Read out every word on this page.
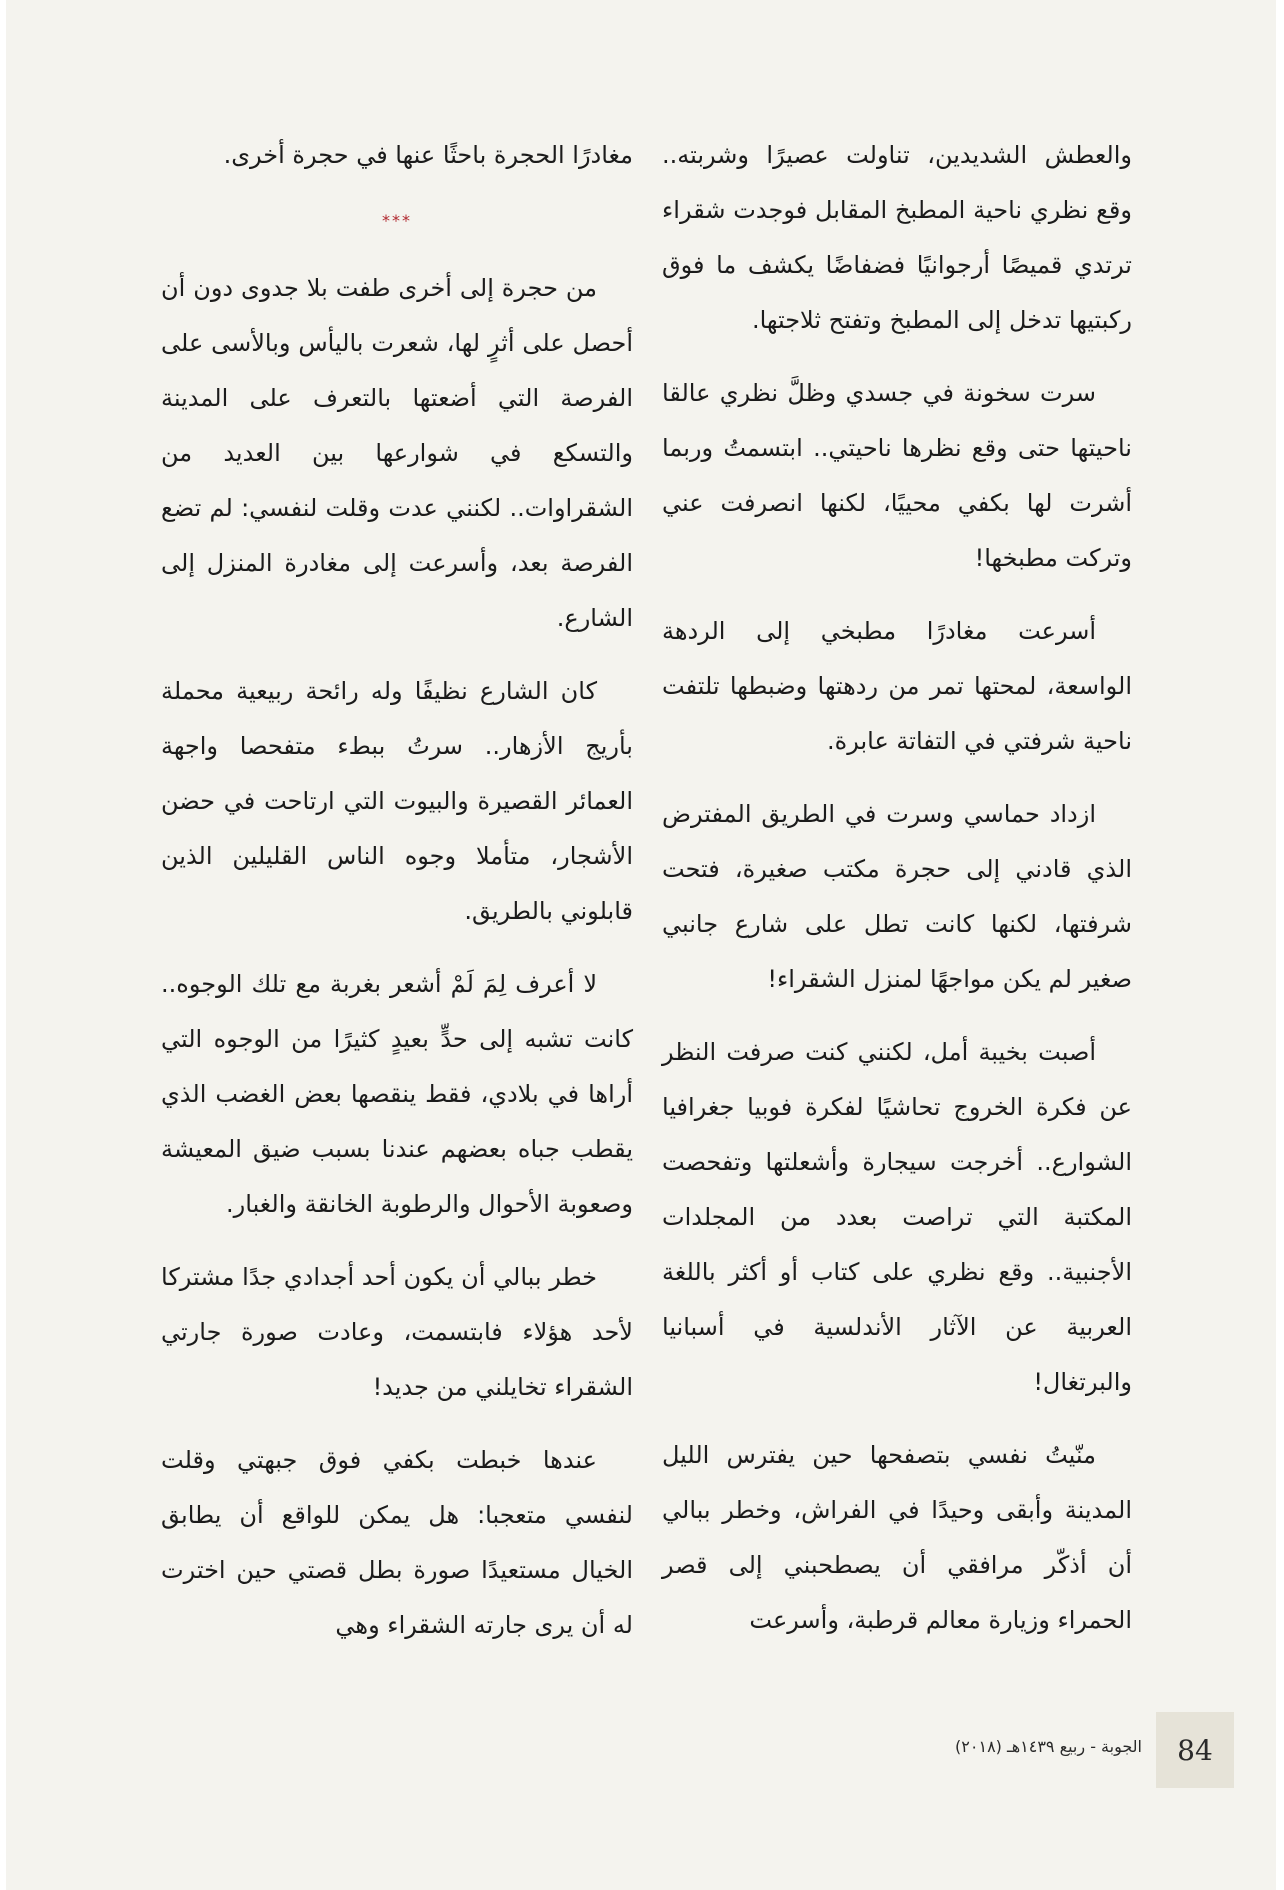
والعطش الشديدين، تناولت عصيرًا وشربته.. وقع نظري ناحية المطبخ المقابل فوجدت شقراء ترتدي قميصًا أرجوانيًا فضفاضًا يكشف ما فوق ركبتيها تدخل إلى المطبخ وتفتح ثلاجتها.

سرت سخونة في جسدي وظلَّ نظري عالقا ناحيتها حتى وقع نظرها ناحيتي.. ابتسمتُ وربما أشرت لها بكفي محييًا، لكنها انصرفت عني وتركت مطبخها!

أسرعت مغادرًا مطبخي إلى الردهة الواسعة، لمحتها تمر من ردهتها وضبطها تلتفت ناحية شرفتي في التفاتة عابرة.

ازداد حماسي وسرت في الطريق المفترض الذي قادني إلى حجرة مكتب صغيرة، فتحت شرفتها، لكنها كانت تطل على شارع جانبي صغير لم يكن مواجهًا لمنزل الشقراء!

أصبت بخيبة أمل، لكنني كنت صرفت النظر عن فكرة الخروج تحاشيًا لفكرة فوبيا جغرافيا الشوارع.. أخرجت سيجارة وأشعلتها وتفحصت المكتبة التي تراصت بعدد من المجلدات الأجنبية.. وقع نظري على كتاب أو أكثر باللغة العربية عن الآثار الأندلسية في أسبانيا والبرتغال!

منّيتُ نفسي بتصفحها حين يفترس الليل المدينة وأبقى وحيدًا في الفراش، وخطر ببالي أن أذكّر مرافقي أن يصطحبني إلى قصر الحمراء وزيارة معالم قرطبة، وأسرعت

مغادرًا الحجرة باحثًا عنها في حجرة أخرى.

***

من حجرة إلى أخرى طفت بلا جدوى دون أن أحصل على أثرٍ لها، شعرت باليأس وبالأسى على الفرصة التي أضعتها بالتعرف على المدينة والتسكع في شوارعها بين العديد من الشقراوات.. لكنني عدت وقلت لنفسي: لم تضع الفرصة بعد، وأسرعت إلى مغادرة المنزل إلى الشارع.

كان الشارع نظيفًا وله رائحة ربيعية محملة بأريج الأزهار.. سرتُ ببطء متفحصا واجهة العمائر القصيرة والبيوت التي ارتاحت في حضن الأشجار، متأملا وجوه الناس القليلين الذين قابلوني بالطريق.

لا أعرف لِمَ لَمْ أشعر بغربة مع تلك الوجوه.. كانت تشبه إلى حدٍّ بعيدٍ كثيرًا من الوجوه التي أراها في بلادي، فقط ينقصها بعض الغضب الذي يقطب جباه بعضهم عندنا بسبب ضيق المعيشة وصعوبة الأحوال والرطوبة الخانقة والغبار.

خطر ببالي أن يكون أحد أجدادي جدًا مشتركا لأحد هؤلاء فابتسمت، وعادت صورة جارتي الشقراء تخايلني من جديد!

عندها خبطت بكفي فوق جبهتي وقلت لنفسي متعجبا: هل يمكن للواقع أن يطابق الخيال مستعيدًا صورة بطل قصتي حين اخترت له أن يرى جارته الشقراء وهي

84
الجوبة - ربيع ١٤٣٩هـ (٢٠١٨)
